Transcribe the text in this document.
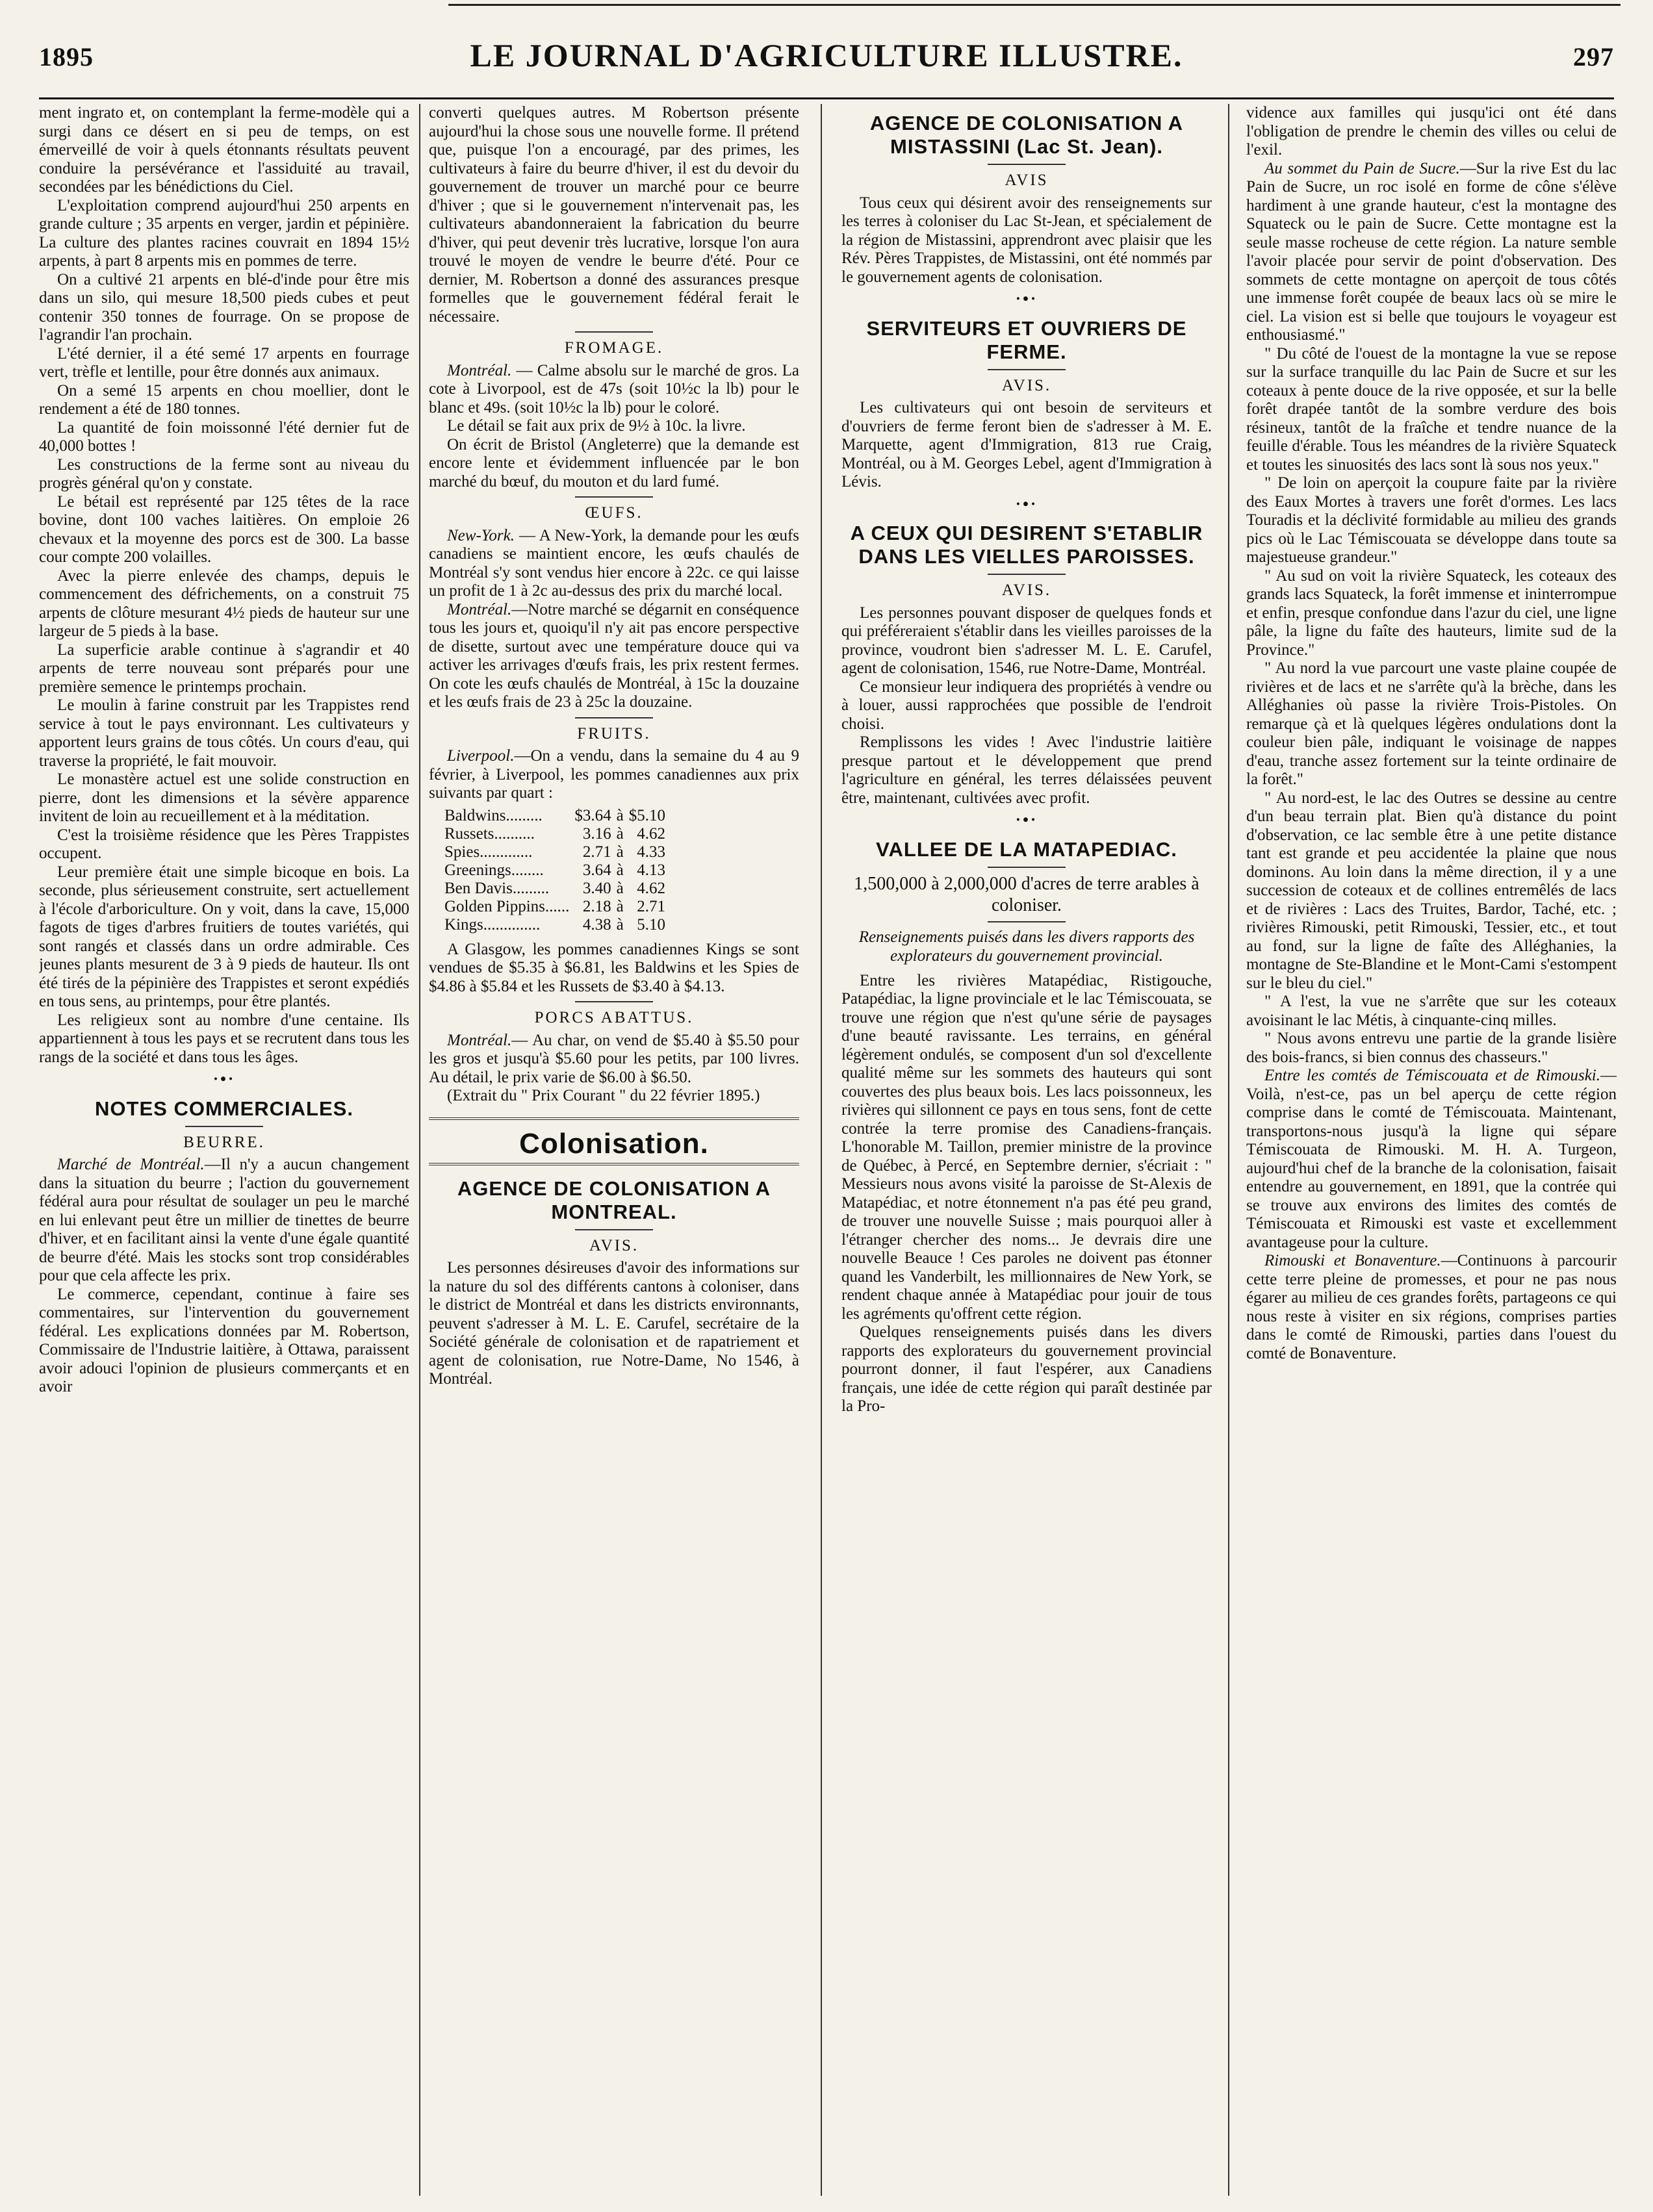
1895	LE JOURNAL D'AGRICULTURE ILLUSTRE.	297

ment ingrato et, on contemplant la ferme-modèle qui a surgi dans ce désert en si peu de temps, on est émerveillé de voir à quels étonnants résultats peuvent conduire la persévérance et l'assiduité au travail, secondées par les bénédictions du Ciel.

L'exploitation comprend aujourd'hui 250 arpents en grande culture ; 35 arpents en verger, jardin et pépinière. La culture des plantes racines couvrait en 1894 15½ arpents, à part 8 arpents mis en pommes de terre.

On a cultivé 21 arpents en blé-d'inde pour être mis dans un silo, qui mesure 18,500 pieds cubes et peut contenir 350 tonnes de fourrage. On se propose de l'agrandir l'an prochain.

L'été dernier, il a été semé 17 arpents en fourrage vert, trèfle et lentille, pour être donnés aux animaux.

On a semé 15 arpents en chou moellier, dont le rendement a été de 180 tonnes.

La quantité de foin moissonné l'été dernier fut de 40,000 bottes !

Les constructions de la ferme sont au niveau du progrès général qu'on y constate.

Le bétail est représenté par 125 têtes de la race bovine, dont 100 vaches laitières. On emploie 26 chevaux et la moyenne des porcs est de 300. La basse cour compte 200 volailles.

Avec la pierre enlevée des champs, depuis le commencement des défrichements, on a construit 75 arpents de clôture mesurant 4½ pieds de hauteur sur une largeur de 5 pieds à la base.

La superficie arable continue à s'agrandir et 40 arpents de terre nouveau sont préparés pour une première semence le printemps prochain.

Le moulin à farine construit par les Trappistes rend service à tout le pays environnant. Les cultivateurs y apportent leurs grains de tous côtés. Un cours d'eau, qui traverse la propriété, le fait mouvoir.

Le monastère actuel est une solide construction en pierre, dont les dimensions et la sévère apparence invitent de loin au recueillement et à la méditation.

C'est la troisième résidence que les Pères Trappistes occupent.

Leur première était une simple bicoque en bois. La seconde, plus sérieusement construite, sert actuellement à l'école d'arboriculture. On y voit, dans la cave, 15,000 fagots de tiges d'arbres fruitiers de toutes variétés, qui sont rangés et classés dans un ordre admirable. Ces jeunes plants mesurent de 3 à 9 pieds de hauteur. Ils ont été tirés de la pépinière des Trappistes et seront expédiés en tous sens, au printemps, pour être plantés.

Les religieux sont au nombre d'une centaine. Ils appartiennent à tous les pays et se recrutent dans tous les rangs de la société et dans tous les âges.

·•·
NOTES COMMERCIALES.
BEURRE.

Marché de Montréal.—Il n'y a aucun changement dans la situation du beurre ; l'action du gouvernement fédéral aura pour résultat de soulager un peu le marché en lui enlevant peut être un millier de tinettes de beurre d'hiver, et en facilitant ainsi la vente d'une égale quantité de beurre d'été. Mais les stocks sont trop considérables pour que cela affecte les prix.

Le commerce, cependant, continue à faire ses commentaires, sur l'intervention du gouvernement fédéral. Les explications données par M. Robertson, Commissaire de l'Industrie laitière, à Ottawa, paraissent avoir adouci l'opinion de plusieurs commerçants et en avoir

converti quelques autres. M Robertson présente aujourd'hui la chose sous une nouvelle forme. Il prétend que, puisque l'on a encouragé, par des primes, les cultivateurs à faire du beurre d'hiver, il est du devoir du gouvernement de trouver un marché pour ce beurre d'hiver ; que si le gouvernement n'intervenait pas, les cultivateurs abandonneraient la fabrication du beurre d'hiver, qui peut devenir très lucrative, lorsque l'on aura trouvé le moyen de vendre le beurre d'été. Pour ce dernier, M. Robertson a donné des assurances presque formelles que le gouvernement fédéral ferait le nécessaire.

FROMAGE.

Montréal. — Calme absolu sur le marché de gros. La cote à Livorpool, est de 47s (soit 10½c la lb) pour le blanc et 49s. (soit 10½c la lb) pour le coloré.

Le détail se fait aux prix de 9½ à 10c. la livre.

On écrit de Bristol (Angleterre) que la demande est encore lente et évidemment influencée par le bon marché du bœuf, du mouton et du lard fumé.

ŒUFS.

New-York. — A New-York, la demande pour les œufs canadiens se maintient encore, les œufs chaulés de Montréal s'y sont vendus hier encore à 22c. ce qui laisse un profit de 1 à 2c au-dessus des prix du marché local.

Montréal.—Notre marché se dégarnit en conséquence tous les jours et, quoiqu'il n'y ait pas encore perspective de disette, surtout avec une température douce qui va activer les arrivages d'œufs frais, les prix restent fermes. On cote les œufs chaulés de Montréal, à 15c la douzaine et les œufs frais de 23 à 25c la douzaine.

FRUITS.

Liverpool.—On a vendu, dans la semaine du 4 au 9 février, à Liverpool, les pommes canadiennes aux prix suivants par quart :

Baldwins.........	$3.64	à	$5.10
Russets..........	3.16	à	4.62
Spies.............	2.71	à	4.33
Greenings........	3.64	à	4.13
Ben Davis.........	3.40	à	4.62
Golden Pippins......	2.18	à	2.71
Kings..............	4.38	à	5.10

A Glasgow, les pommes canadiennes Kings se sont vendues de $5.35 à $6.81, les Baldwins et les Spies de $4.86 à $5.84 et les Russets de $3.40 à $4.13.

PORCS ABATTUS.

Montréal.— Au char, on vend de $5.40 à $5.50 pour les gros et jusqu'à $5.60 pour les petits, par 100 livres. Au détail, le prix varie de $6.00 à $6.50.

(Extrait du " Prix Courant " du 22 février 1895.)

Colonisation.
AGENCE DE COLONISATION A MONTREAL.
AVIS.

Les personnes désireuses d'avoir des informations sur la nature du sol des différents cantons à coloniser, dans le district de Montréal et dans les districts environnants, peuvent s'adresser à M. L. E. Carufel, secrétaire de la Société générale de colonisation et de rapatriement et agent de colonisation, rue Notre-Dame, No 1546, à Montréal.

AGENCE DE COLONISATION A MISTASSINI (Lac St. Jean).
AVIS

Tous ceux qui désirent avoir des renseignements sur les terres à coloniser du Lac St-Jean, et spécialement de la région de Mistassini, apprendront avec plaisir que les Rév. Pères Trappistes, de Mistassini, ont été nommés par le gouvernement agents de colonisation.

·•·
SERVITEURS ET OUVRIERS DE FERME.
AVIS.

Les cultivateurs qui ont besoin de serviteurs et d'ouvriers de ferme feront bien de s'adresser à M. E. Marquette, agent d'Immigration, 813 rue Craig, Montréal, ou à M. Georges Lebel, agent d'Immigration à Lévis.

·•·
A CEUX QUI DESIRENT S'ETABLIR DANS LES VIELLES PAROISSES.
AVIS.

Les personnes pouvant disposer de quelques fonds et qui préféreraient s'établir dans les vieilles paroisses de la province, voudront bien s'adresser M. L. E. Carufel, agent de colonisation, 1546, rue Notre-Dame, Montréal.

Ce monsieur leur indiquera des propriétés à vendre ou à louer, aussi rapprochées que possible de l'endroit choisi.

Remplissons les vides ! Avec l'industrie laitière presque partout et le développement que prend l'agriculture en général, les terres délaissées peuvent être, maintenant, cultivées avec profit.

·•·
VALLEE DE LA MATAPEDIAC.
1,500,000 à 2,000,000 d'acres de terre arables à coloniser.
Renseignements puisés dans les divers rapports des explorateurs du gouvernement provincial.

Entre les rivières Matapédiac, Ristigouche, Patapédiac, la ligne provinciale et le lac Témiscouata, se trouve une région que n'est qu'une série de paysages d'une beauté ravissante. Les terrains, en général légèrement ondulés, se composent d'un sol d'excellente qualité même sur les sommets des hauteurs qui sont couvertes des plus beaux bois. Les lacs poissonneux, les rivières qui sillonnent ce pays en tous sens, font de cette contrée la terre promise des Canadiens-français. L'honorable M. Taillon, premier ministre de la province de Québec, à Percé, en Septembre dernier, s'écriait : " Messieurs nous avons visité la paroisse de St-Alexis de Matapédiac, et notre étonnement n'a pas été peu grand, de trouver une nouvelle Suisse ; mais pourquoi aller à l'étranger chercher des noms... Je devrais dire une nouvelle Beauce ! Ces paroles ne doivent pas étonner quand les Vanderbilt, les millionnaires de New York, se rendent chaque année à Matapédiac pour jouir de tous les agréments qu'offrent cette région.

Quelques renseignements puisés dans les divers rapports des explorateurs du gouvernement provincial pourront donner, il faut l'espérer, aux Canadiens français, une idée de cette région qui paraît destinée par la Pro-

vidence aux familles qui jusqu'ici ont été dans l'obligation de prendre le chemin des villes ou celui de l'exil.

Au sommet du Pain de Sucre.—Sur la rive Est du lac Pain de Sucre, un roc isolé en forme de cône s'élève hardiment à une grande hauteur, c'est la montagne des Squateck ou le pain de Sucre. Cette montagne est la seule masse rocheuse de cette région. La nature semble l'avoir placée pour servir de point d'observation. Des sommets de cette montagne on aperçoit de tous côtés une immense forêt coupée de beaux lacs où se mire le ciel. La vision est si belle que toujours le voyageur est enthousiasmé."

" Du côté de l'ouest de la montagne la vue se repose sur la surface tranquille du lac Pain de Sucre et sur les coteaux à pente douce de la rive opposée, et sur la belle forêt drapée tantôt de la sombre verdure des bois résineux, tantôt de la fraîche et tendre nuance de la feuille d'érable. Tous les méandres de la rivière Squateck et toutes les sinuosités des lacs sont là sous nos yeux."

" De loin on aperçoit la coupure faite par la rivière des Eaux Mortes à travers une forêt d'ormes. Les lacs Touradis et la déclivité formidable au milieu des grands pics où le Lac Témiscouata se développe dans toute sa majestueuse grandeur."

" Au sud on voit la rivière Squateck, les coteaux des grands lacs Squateck, la forêt immense et ininterrompue et enfin, presque confondue dans l'azur du ciel, une ligne pâle, la ligne du faîte des hauteurs, limite sud de la Province."

" Au nord la vue parcourt une vaste plaine coupée de rivières et de lacs et ne s'arrête qu'à la brèche, dans les Alléghanies où passe la rivière Trois-Pistoles. On remarque çà et là quelques légères ondulations dont la couleur bien pâle, indiquant le voisinage de nappes d'eau, tranche assez fortement sur la teinte ordinaire de la forêt."

" Au nord-est, le lac des Outres se dessine au centre d'un beau terrain plat. Bien qu'à distance du point d'observation, ce lac semble être à une petite distance tant est grande et peu accidentée la plaine que nous dominons. Au loin dans la même direction, il y a une succession de coteaux et de collines entremêlés de lacs et de rivières : Lacs des Truites, Bardor, Taché, etc. ; rivières Rimouski, petit Rimouski, Tessier, etc., et tout au fond, sur la ligne de faîte des Alléghanies, la montagne de Ste-Blandine et le Mont-Cami s'estompent sur le bleu du ciel."

" A l'est, la vue ne s'arrête que sur les coteaux avoisinant le lac Métis, à cinquante-cinq milles.

" Nous avons entrevu une partie de la grande lisière des bois-francs, si bien connus des chasseurs."

Entre les comtés de Témiscouata et de Rimouski.—Voilà, n'est-ce, pas un bel aperçu de cette région comprise dans le comté de Témiscouata. Maintenant, transportons-nous jusqu'à la ligne qui sépare Témiscouata de Rimouski. M. H. A. Turgeon, aujourd'hui chef de la branche de la colonisation, faisait entendre au gouvernement, en 1891, que la contrée qui se trouve aux environs des limites des comtés de Témiscouata et Rimouski est vaste et excellemment avantageuse pour la culture.

Rimouski et Bonaventure.—Continuons à parcourir cette terre pleine de promesses, et pour ne pas nous égarer au milieu de ces grandes forêts, partageons ce qui nous reste à visiter en six régions, comprises parties dans le comté de Rimouski, parties dans l'ouest du comté de Bonaventure.
